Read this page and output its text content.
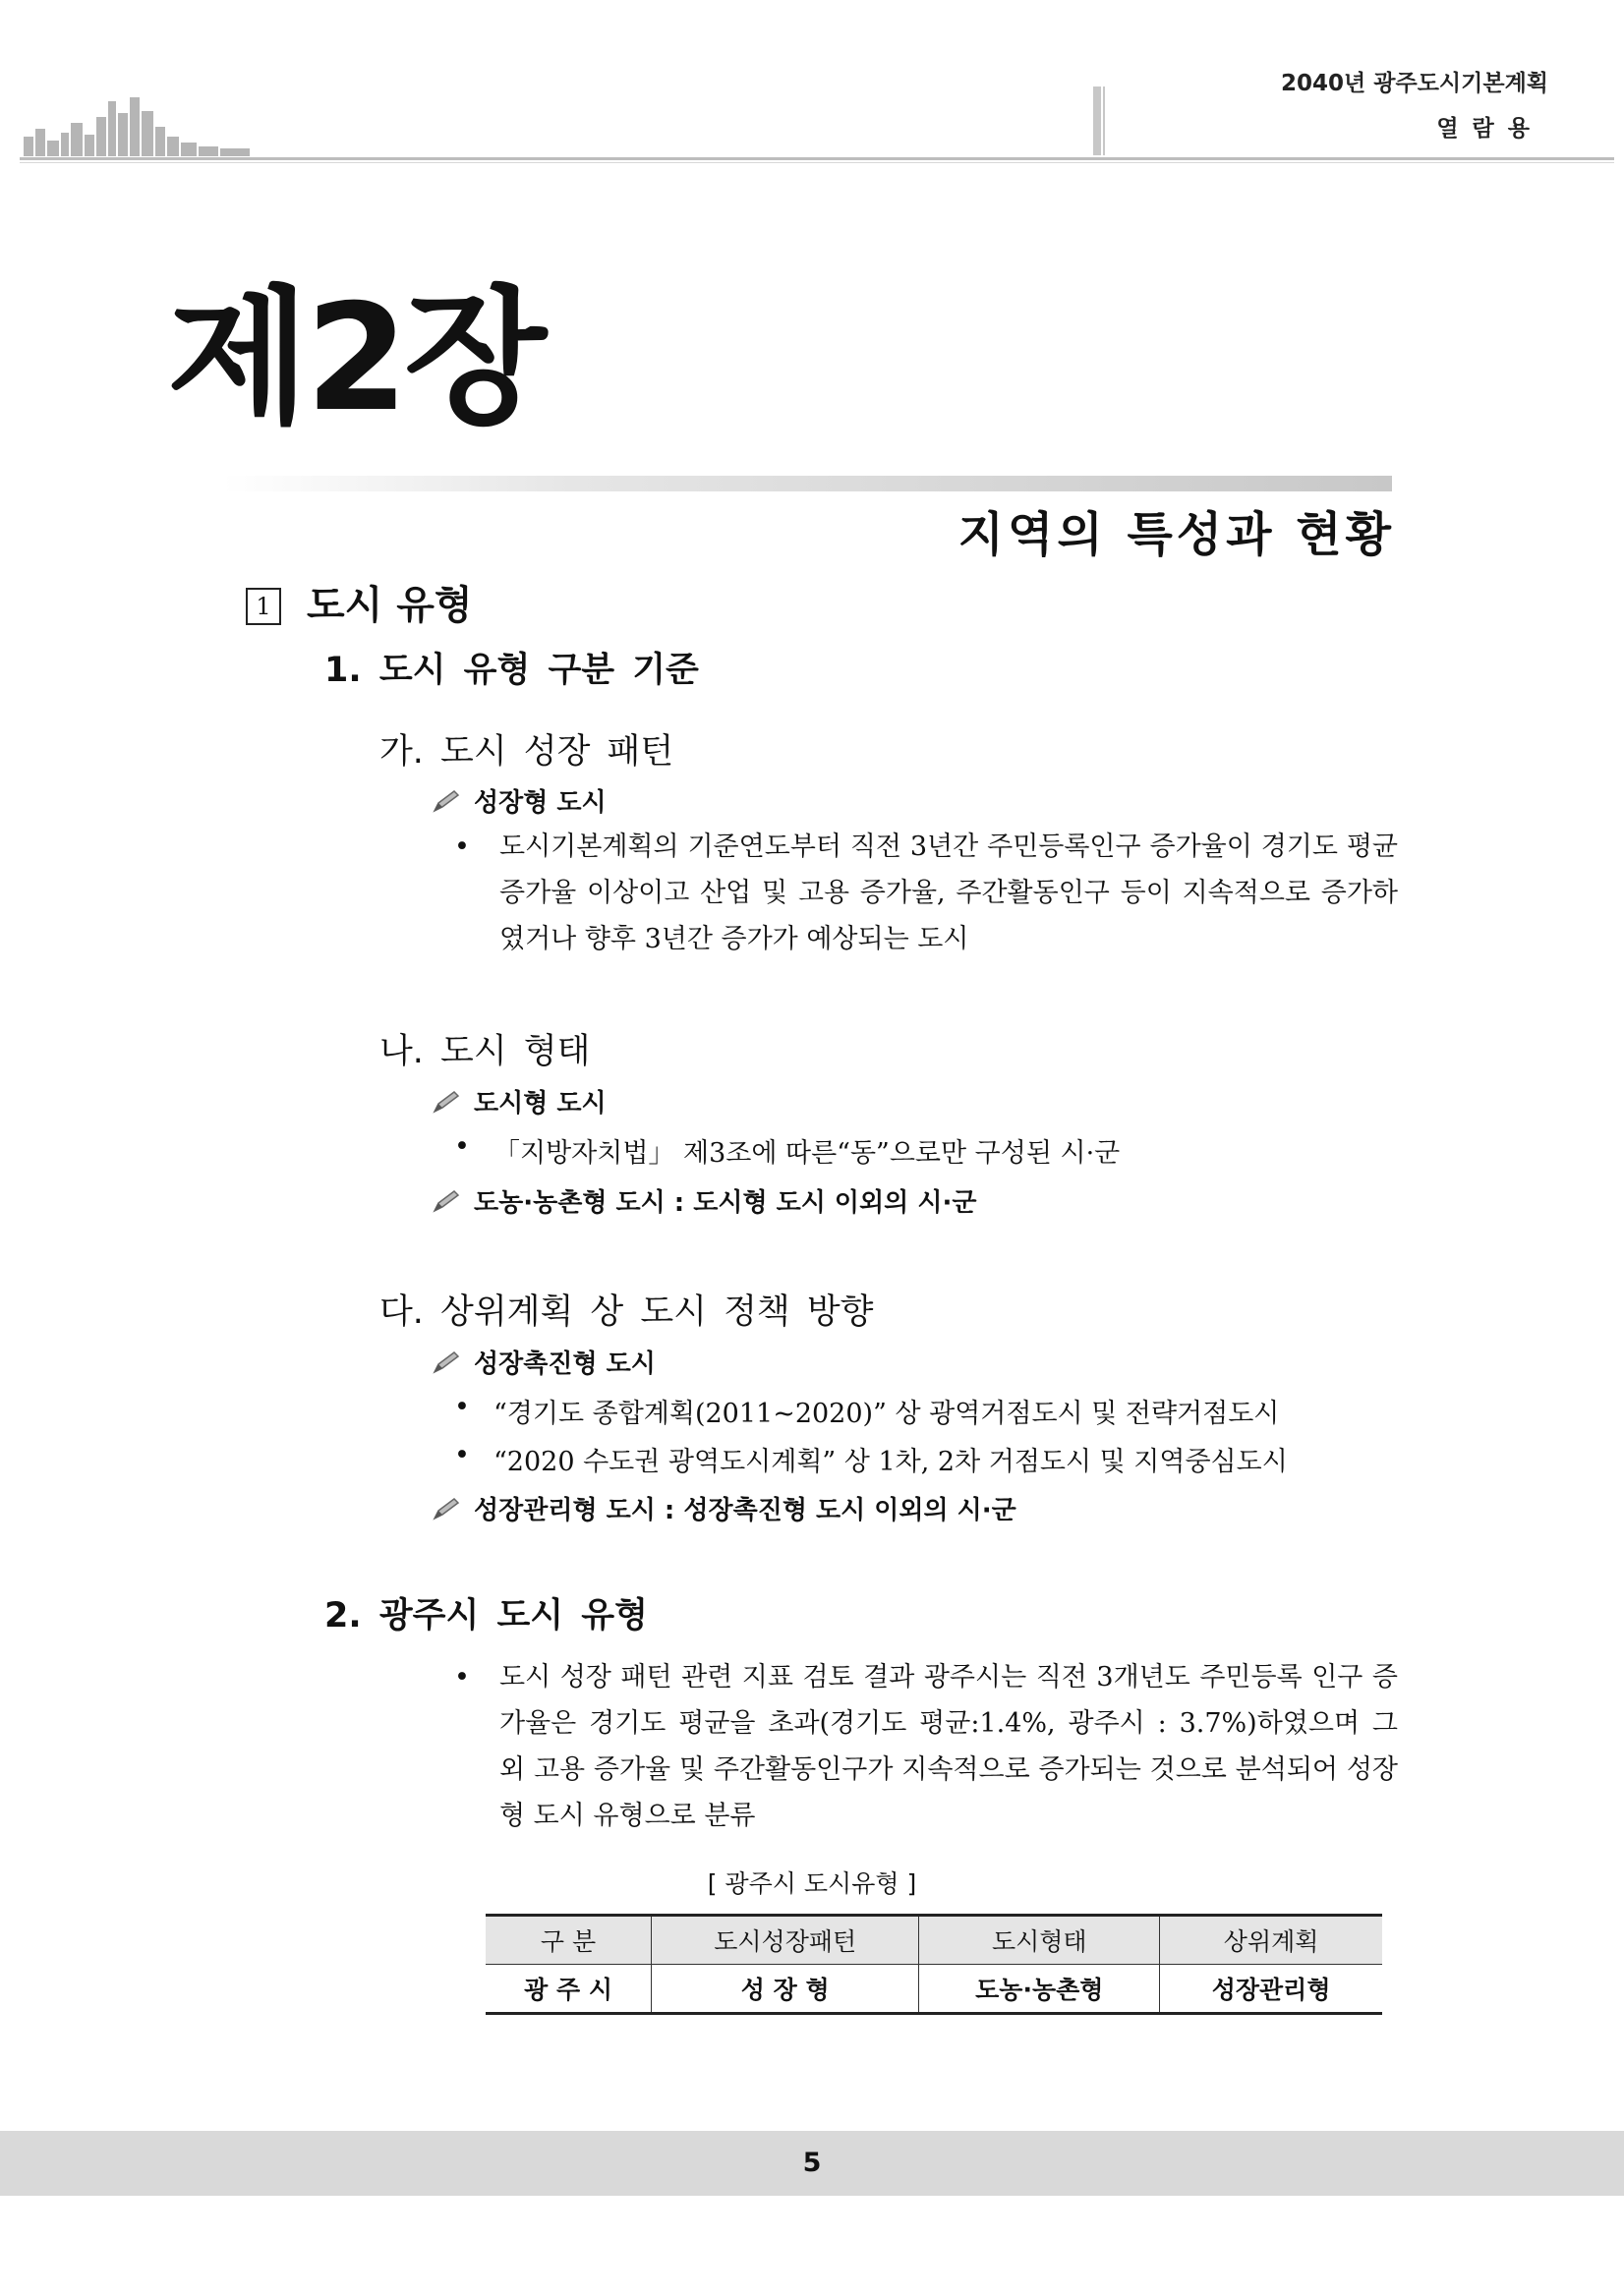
2040년 광주도시기본계획
열람용
제2장
지역의 특성과 현황
1 도시 유형
1. 도시 유형 구분 기준
가. 도시 성장 패턴
성장형 도시
• 도시기본계획의 기준연도부터 직전 3년간 주민등록인구 증가율이 경기도 평균 증가율 이상이고 산업 및 고용 증가율, 주간활동인구 등이 지속적으로 증가하였거나 향후 3년간 증가가 예상되는 도시
나. 도시 형태
도시형 도시
• 「지방자치법」 제3조에 따른“동”으로만 구성된 시·군
도농·농촌형 도시 : 도시형 도시 이외의 시·군
다. 상위계획 상 도시 정책 방향
성장촉진형 도시
• “경기도 종합계획(2011~2020)” 상 광역거점도시 및 전략거점도시
• “2020 수도권 광역도시계획” 상 1차, 2차 거점도시 및 지역중심도시
성장관리형 도시 : 성장촉진형 도시 이외의 시·군
2. 광주시 도시 유형
• 도시 성장 패턴 관련 지표 검토 결과 광주시는 직전 3개년도 주민등록 인구 증가율은 경기도 평균을 초과(경기도 평균:1.4%, 광주시 : 3.7%)하였으며 그 외 고용 증가율 및 주간활동인구가 지속적으로 증가되는 것으로 분석되어 성장형 도시 유형으로 분류
[ 광주시 도시유형 ]
구 분	도시성장패턴	도시형태	상위계획
광 주 시	성 장 형	도농·농촌형	성장관리형
5
